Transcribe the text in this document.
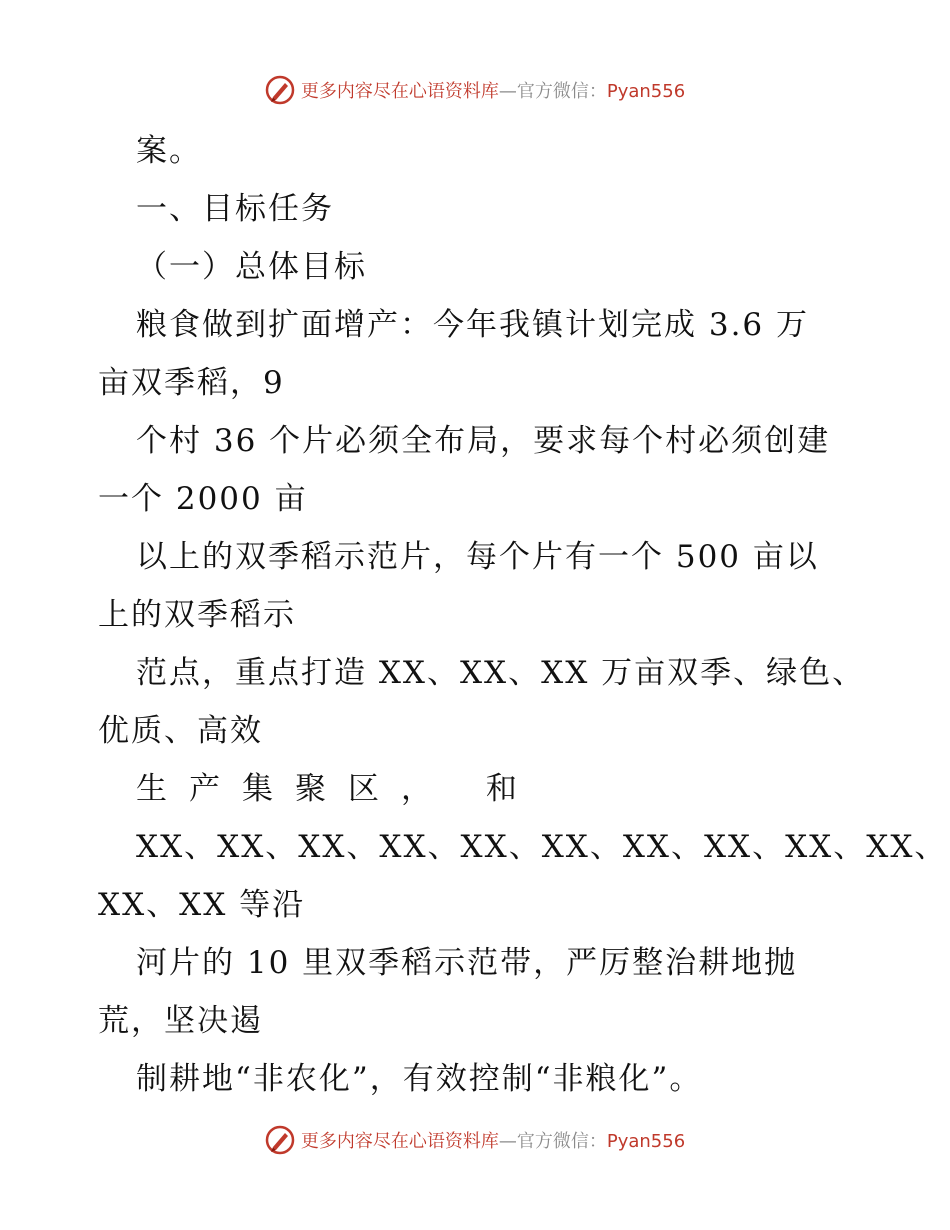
更多内容尽在心语资料库—官方微信：Pyan556
案。
一、目标任务
（一）总体目标
粮食做到扩面增产：今年我镇计划完成 3.6 万
亩双季稻，9
个村 36 个片必须全布局，要求每个村必须创建
一个 2000 亩
以上的双季稻示范片，每个片有一个 500 亩以
上的双季稻示
范点，重点打造 XX、XX、XX 万亩双季、绿色、
优质、高效
生产集聚区， 和
XX、XX、XX、XX、XX、XX、XX、XX、XX、XX、
XX、XX 等沿
河片的 10 里双季稻示范带，严厉整治耕地抛
荒，坚决遏
制耕地“非农化”，有效控制“非粮化”。
更多内容尽在心语资料库—官方微信：Pyan556
